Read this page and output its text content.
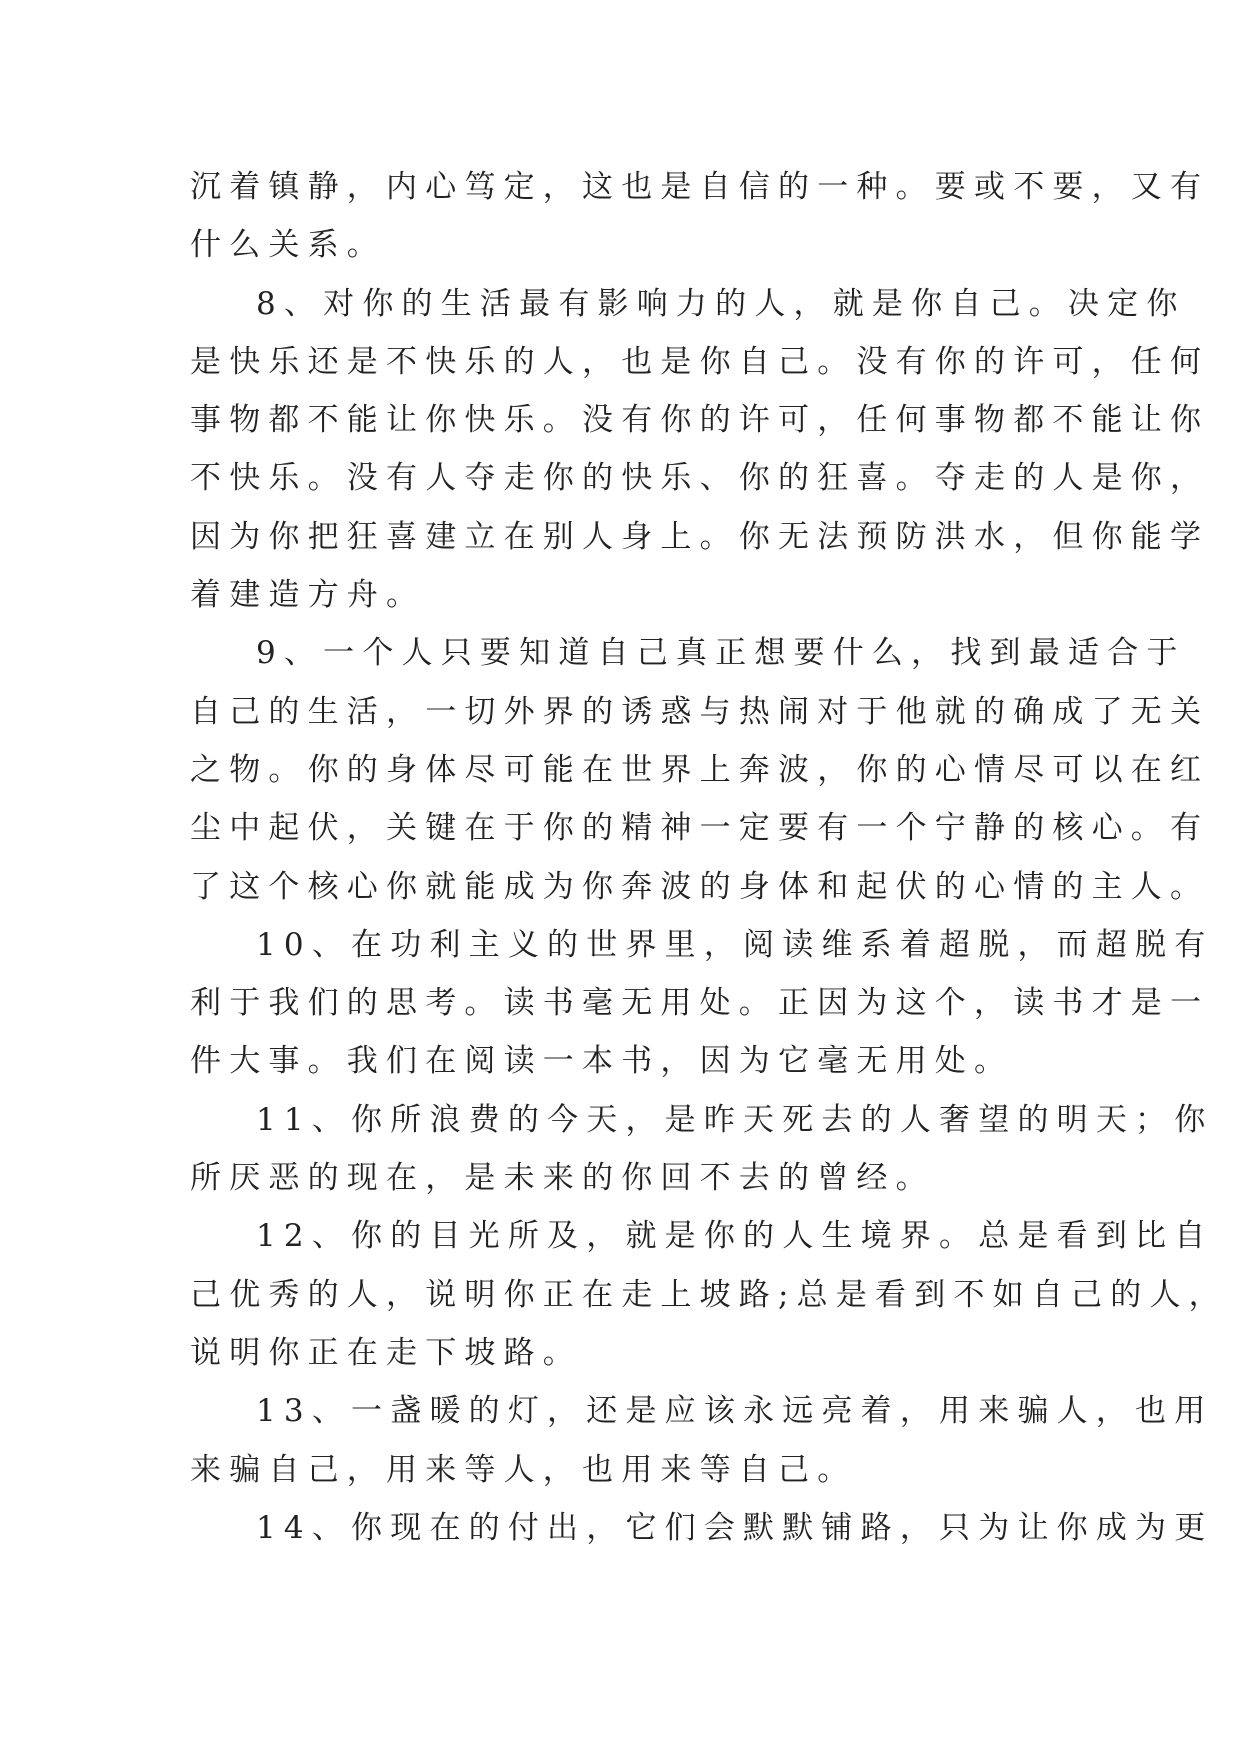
沉着镇静，内心笃定，这也是自信的一种。要或不要，又有
什么关系。
8、对你的生活最有影响力的人，就是你自己。决定你
是快乐还是不快乐的人，也是你自己。没有你的许可，任何
事物都不能让你快乐。没有你的许可，任何事物都不能让你
不快乐。没有人夺走你的快乐、你的狂喜。夺走的人是你，
因为你把狂喜建立在别人身上。你无法预防洪水，但你能学
着建造方舟。
9、一个人只要知道自己真正想要什么，找到最适合于
自己的生活，一切外界的诱惑与热闹对于他就的确成了无关
之物。你的身体尽可能在世界上奔波，你的心情尽可以在红
尘中起伏，关键在于你的精神一定要有一个宁静的核心。有
了这个核心你就能成为你奔波的身体和起伏的心情的主人。
10、在功利主义的世界里，阅读维系着超脱，而超脱有
利于我们的思考。读书毫无用处。正因为这个，读书才是一
件大事。我们在阅读一本书，因为它毫无用处。
11、你所浪费的今天，是昨天死去的人奢望的明天；你
所厌恶的现在，是未来的你回不去的曾经。
12、你的目光所及，就是你的人生境界。总是看到比自
己优秀的人，说明你正在走上坡路;总是看到不如自己的人，
说明你正在走下坡路。
13、一盏暖的灯，还是应该永远亮着，用来骗人，也用
来骗自己，用来等人，也用来等自己。
14、你现在的付出，它们会默默铺路，只为让你成为更
